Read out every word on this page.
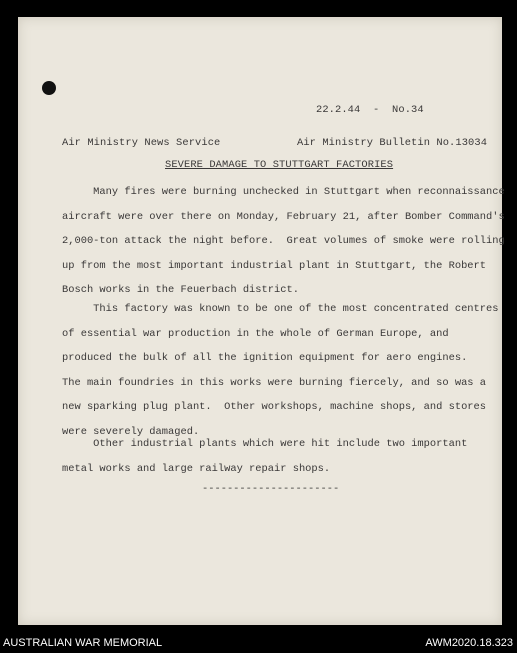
22.2.44  -  No.34
Air Ministry News Service	Air Ministry Bulletin No.13034
SEVERE DAMAGE TO STUTTGART FACTORIES
Many fires were burning unchecked in Stuttgart when reconnaissance
aircraft were over there on Monday, February 21, after Bomber Command's
2,000-ton attack the night before.  Great volumes of smoke were rolling
up from the most important industrial plant in Stuttgart, the Robert
Bosch works in the Feuerbach district.
This factory was known to be one of the most concentrated centres
of essential war production in the whole of German Europe, and
produced the bulk of all the ignition equipment for aero engines.
The main foundries in this works were burning fiercely, and so was a
new sparking plug plant.  Other workshops, machine shops, and stores
were severely damaged.
Other industrial plants which were hit include two important
metal works and large railway repair shops.
----------------------
AUSTRALIAN WAR MEMORIAL	AWM2020.18.323
